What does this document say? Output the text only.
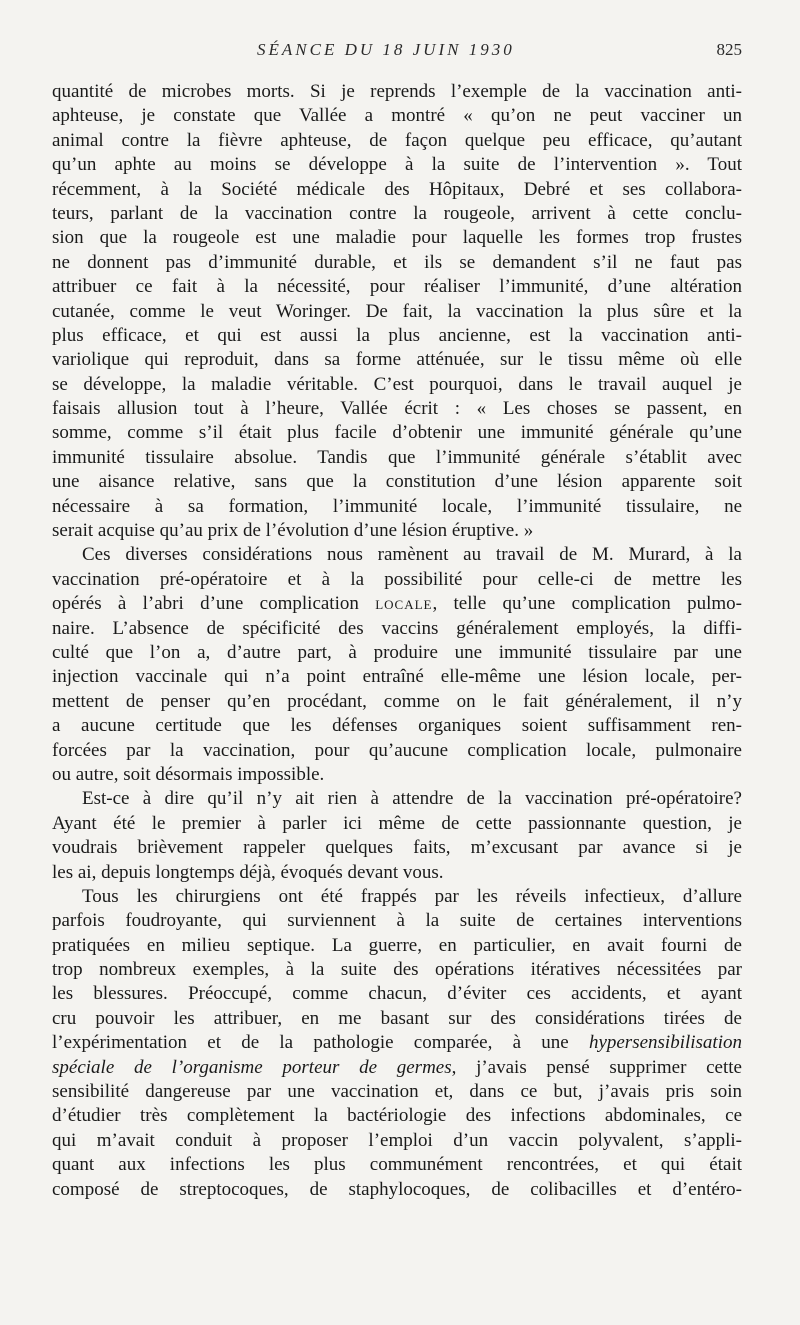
SÉANCE DU 18 JUIN 1930	825
quantité de microbes morts. Si je reprends l’exemple de la vaccination anti-
aphteuse, je constate que Vallée a montré « qu’on ne peut vacciner un
animal contre la fièvre aphteuse, de façon quelque peu efficace, qu’autant
qu’un aphte au moins se développe à la suite de l’intervention ». Tout
récemment, à la Société médicale des Hôpitaux, Debré et ses collabora-
teurs, parlant de la vaccination contre la rougeole, arrivent à cette conclu-
sion que la rougeole est une maladie pour laquelle les formes trop frustes
ne donnent pas d’immunité durable, et ils se demandent s’il ne faut pas
attribuer ce fait à la nécessité, pour réaliser l’immunité, d’une altération
cutanée, comme le veut Woringer. De fait, la vaccination la plus sûre et la
plus efficace, et qui est aussi la plus ancienne, est la vaccination anti-
variolique qui reproduit, dans sa forme atténuée, sur le tissu même où elle
se développe, la maladie véritable. C’est pourquoi, dans le travail auquel je
faisais allusion tout à l’heure, Vallée écrit : « Les choses se passent, en
somme, comme s’il était plus facile d’obtenir une immunité générale qu’une
immunité tissulaire absolue. Tandis que l’immunité générale s’établit avec
une aisance relative, sans que la constitution d’une lésion apparente soit
nécessaire à sa formation, l’immunité locale, l’immunité tissulaire, ne
serait acquise qu’au prix de l’évolution d’une lésion éruptive. »
Ces diverses considérations nous ramènent au travail de M. Murard, à la
vaccination pré-opératoire et à la possibilité pour celle-ci de mettre les
opérés à l’abri d’une complication locale, telle qu’une complication pulmo-
naire. L’absence de spécificité des vaccins généralement employés, la diffi-
culté que l’on a, d’autre part, à produire une immunité tissulaire par une
injection vaccinale qui n’a point entraîné elle-même une lésion locale, per-
mettent de penser qu’en procédant, comme on le fait généralement, il n’y
a aucune certitude que les défenses organiques soient suffisamment ren-
forcées par la vaccination, pour qu’aucune complication locale, pulmonaire
ou autre, soit désormais impossible.
Est-ce à dire qu’il n’y ait rien à attendre de la vaccination pré-opératoire?
Ayant été le premier à parler ici même de cette passionnante question, je
voudrais brièvement rappeler quelques faits, m’excusant par avance si je
les ai, depuis longtemps déjà, évoqués devant vous.
Tous les chirurgiens ont été frappés par les réveils infectieux, d’allure
parfois foudroyante, qui surviennent à la suite de certaines interventions
pratiquées en milieu septique. La guerre, en particulier, en avait fourni de
trop nombreux exemples, à la suite des opérations itératives nécessitées par
les blessures. Préoccupé, comme chacun, d’éviter ces accidents, et ayant
cru pouvoir les attribuer, en me basant sur des considérations tirées de
l’expérimentation et de la pathologie comparée, à une hypersensibilisation
spéciale de l’organisme porteur de germes, j’avais pensé supprimer cette
sensibilité dangereuse par une vaccination et, dans ce but, j’avais pris soin
d’étudier très complètement la bactériologie des infections abdominales, ce
qui m’avait conduit à proposer l’emploi d’un vaccin polyvalent, s’appli-
quant aux infections les plus communément rencontrées, et qui était
composé de streptocoques, de staphylocoques, de colibacilles et d’entéro-
